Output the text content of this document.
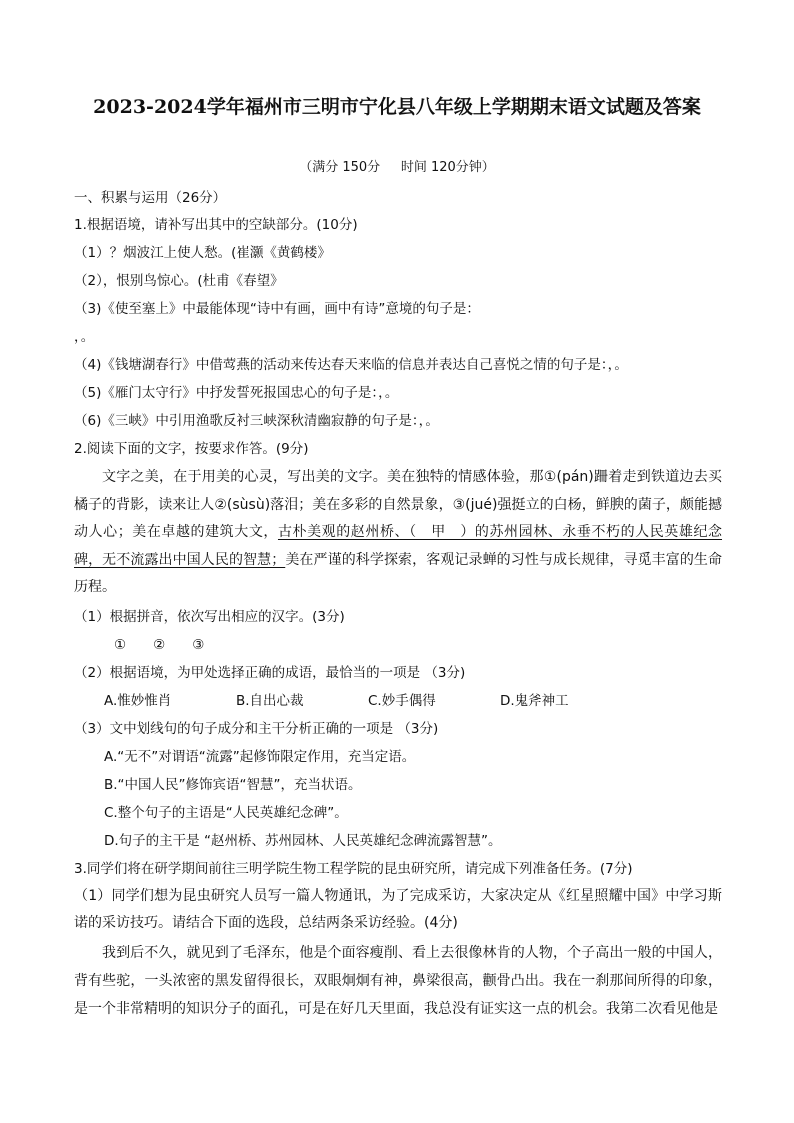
2023-2024学年福州市三明市宁化县八年级上学期期末语文试题及答案
（满分 150分     时间 120分钟）
一、积累与运用（26分）
1.根据语境，请补写出其中的空缺部分。(10分)
（1）？烟波江上使人愁。(崔灏《黄鹤楼》
（2），恨别鸟惊心。(杜甫《春望》
（3)《使至塞上》中最能体现“诗中有画，画中有诗”意境的句子是：
，。
（4)《钱塘湖春行》中借莺燕的活动来传达春天来临的信息并表达自己喜悦之情的句子是：，。
（5)《雁门太守行》中抒发誓死报国忠心的句子是：，。
（6)《三峡》中引用渔歌反衬三峡深秋清幽寂静的句子是：，。
2.阅读下面的文字，按要求作答。(9分)
文字之美，在于用美的心灵，写出美的文字。美在独特的情感体验，那①(pán)跚着走到铁道边去买橘子的背影，读来让人②(sùsù)落泪；美在多彩的自然景象，③(jué)强挺立的白杨，鲜腴的菌子，颇能撼动人心；美在卓越的建筑大文，古朴美观的赵州桥、（　甲　）的苏州园林、永垂不朽的人民英雄纪念碑，无不流露出中国人民的智慧；美在严谨的科学探索，客观记录蝉的习性与成长规律，寻觅丰富的生命历程。
（1）根据拼音，依次写出相应的汉字。(3分)
①　　②　　③
（2）根据语境，为甲处选择正确的成语，最恰当的一项是 （3分)
A.惟妙惟肖	B.自出心裁	C.妙手偶得	D.鬼斧神工
（3）文中划线句的句子成分和主干分析正确的一项是 （3分)
A.“无不”对谓语“流露”起修饰限定作用，充当定语。
B.“中国人民”修饰宾语“智慧”，充当状语。
C.整个句子的主语是“人民英雄纪念碑”。
D.句子的主干是 “赵州桥、苏州园林、人民英雄纪念碑流露智慧”。
3.同学们将在研学期间前往三明学院生物工程学院的昆虫研究所，请完成下列准备任务。(7分)
（1）同学们想为昆虫研究人员写一篇人物通讯，为了完成采访，大家决定从《红星照耀中国》中学习斯诺的采访技巧。请结合下面的选段，总结两条采访经验。(4分)
我到后不久，就见到了毛泽东，他是个面容瘦削、看上去很像林肯的人物，个子高出一般的中国人，背有些驼，一头浓密的黑发留得很长，双眼炯炯有神，鼻梁很高，颧骨凸出。我在一刹那间所得的印象，是一个非常精明的知识分子的面孔，可是在好几天里面，我总没有证实这一点的机会。我第二次看见他是
